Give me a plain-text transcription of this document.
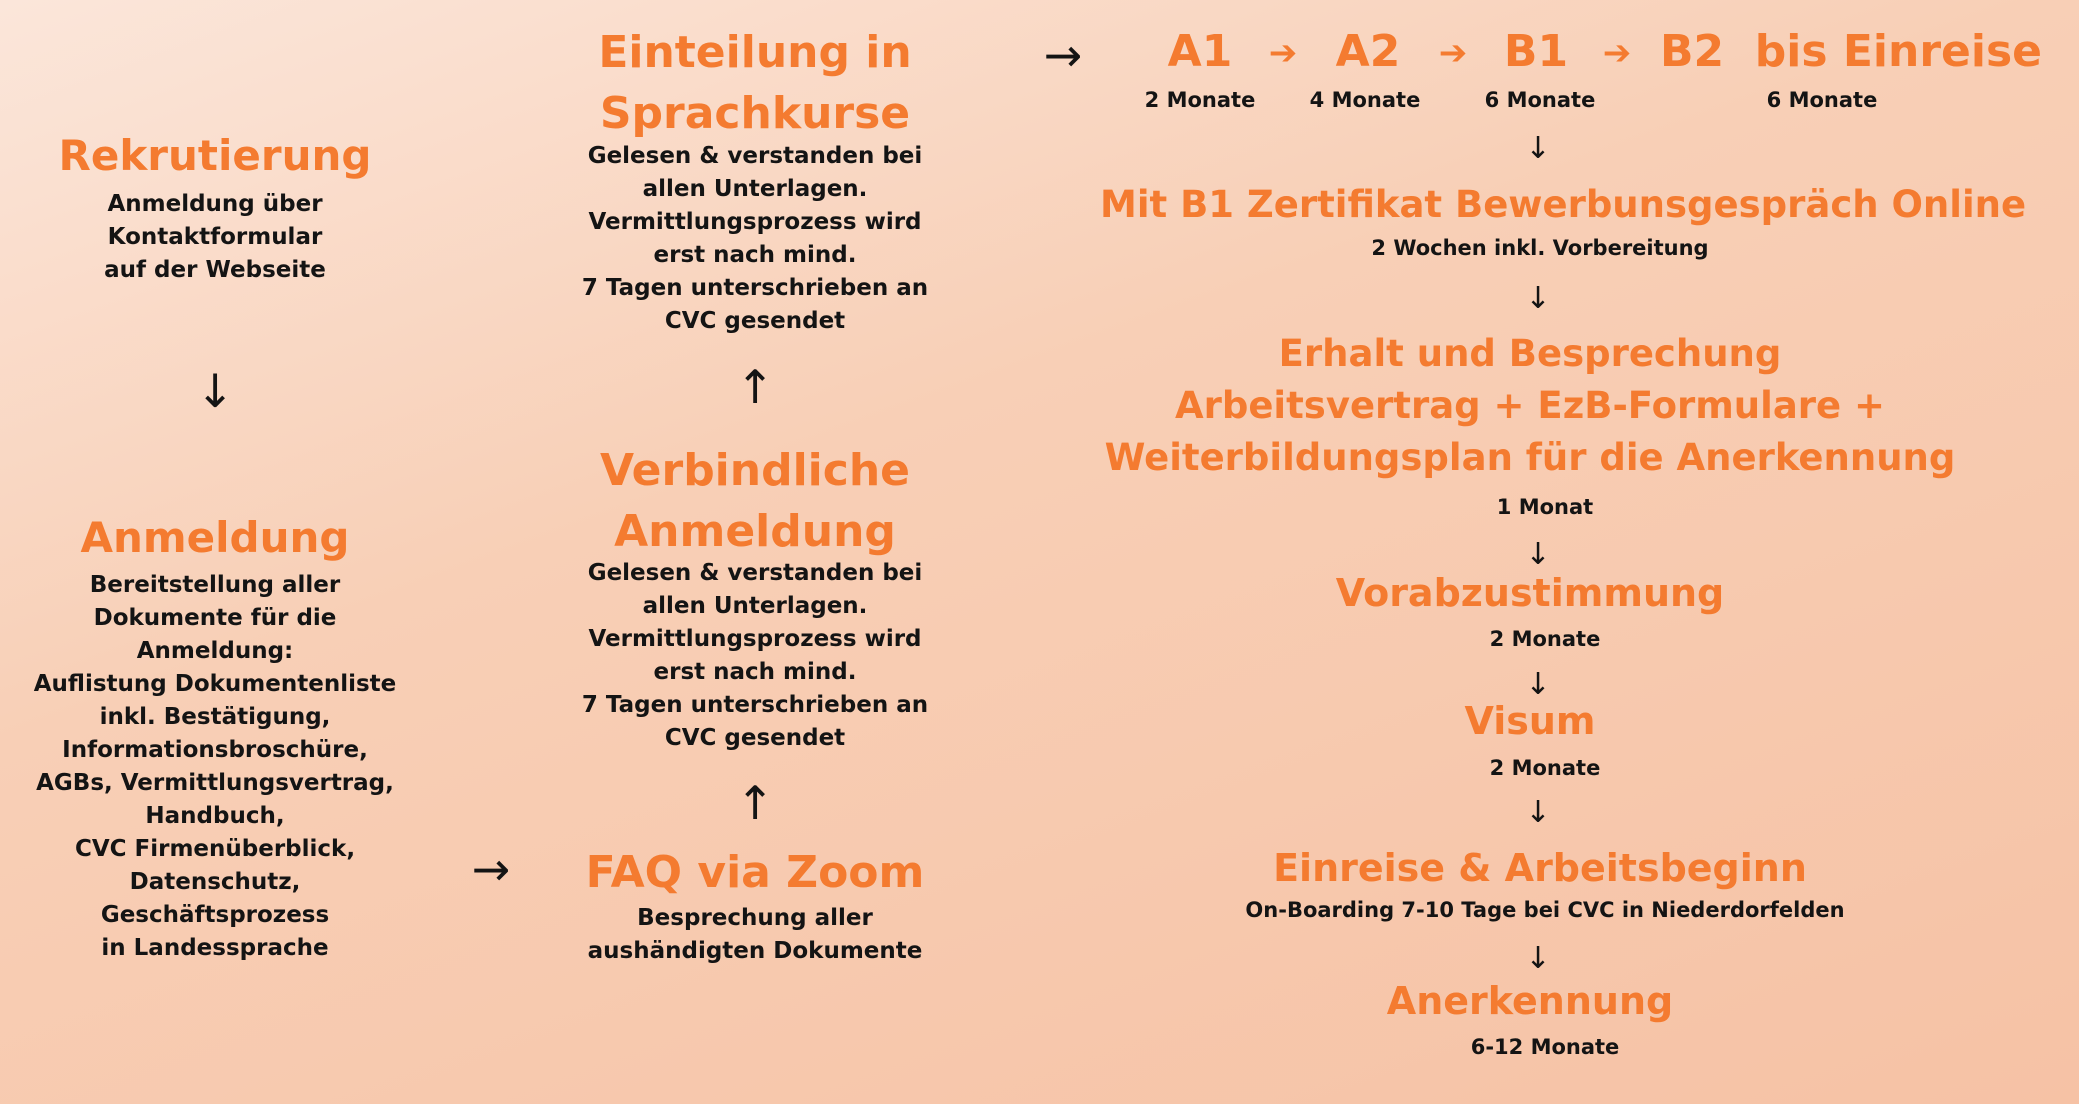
Rekrutierung
Anmeldung über
Kontaktformular
auf der Webseite
↓
Anmeldung
Bereitstellung aller
Dokumente für die
Anmeldung:
Auflistung Dokumentenliste
inkl. Bestätigung,
Informationsbroschüre,
AGBs, Vermittlungsvertrag,
Handbuch,
CVC Firmenüberblick,
Datenschutz,
Geschäftsprozess
in Landessprache
→	FAQ via Zoom
Besprechung aller
aushändigten Dokumente
↑
Verbindliche
Anmeldung
Gelesen & verstanden bei
allen Unterlagen.
Vermittlungsprozess wird
erst nach mind.
7 Tagen unterschrieben an
CVC gesendet
↑
Einteilung in
Sprachkurse
Gelesen & verstanden bei
allen Unterlagen.
Vermittlungsprozess wird
erst nach mind.
7 Tagen unterschrieben an
CVC gesendet
→	A1
2 Monate
➔ A2
4 Monate
➔ B1
6 Monate
➔ B2  bis Einreise
6 Monate
↓
Mit B1 Zertifikat Bewerbunsgespräch Online
2 Wochen inkl. Vorbereitung
↓
Erhalt und Besprechung
Arbeitsvertrag + EzB-Formulare +
Weiterbildungsplan für die Anerkennung
1 Monat
↓
Vorabzustimmung
2 Monate
↓
Visum
2 Monate
↓
Einreise & Arbeitsbeginn
On-Boarding 7-10 Tage bei CVC in Niederdorfelden
↓
Anerkennung
6-12 Monate
